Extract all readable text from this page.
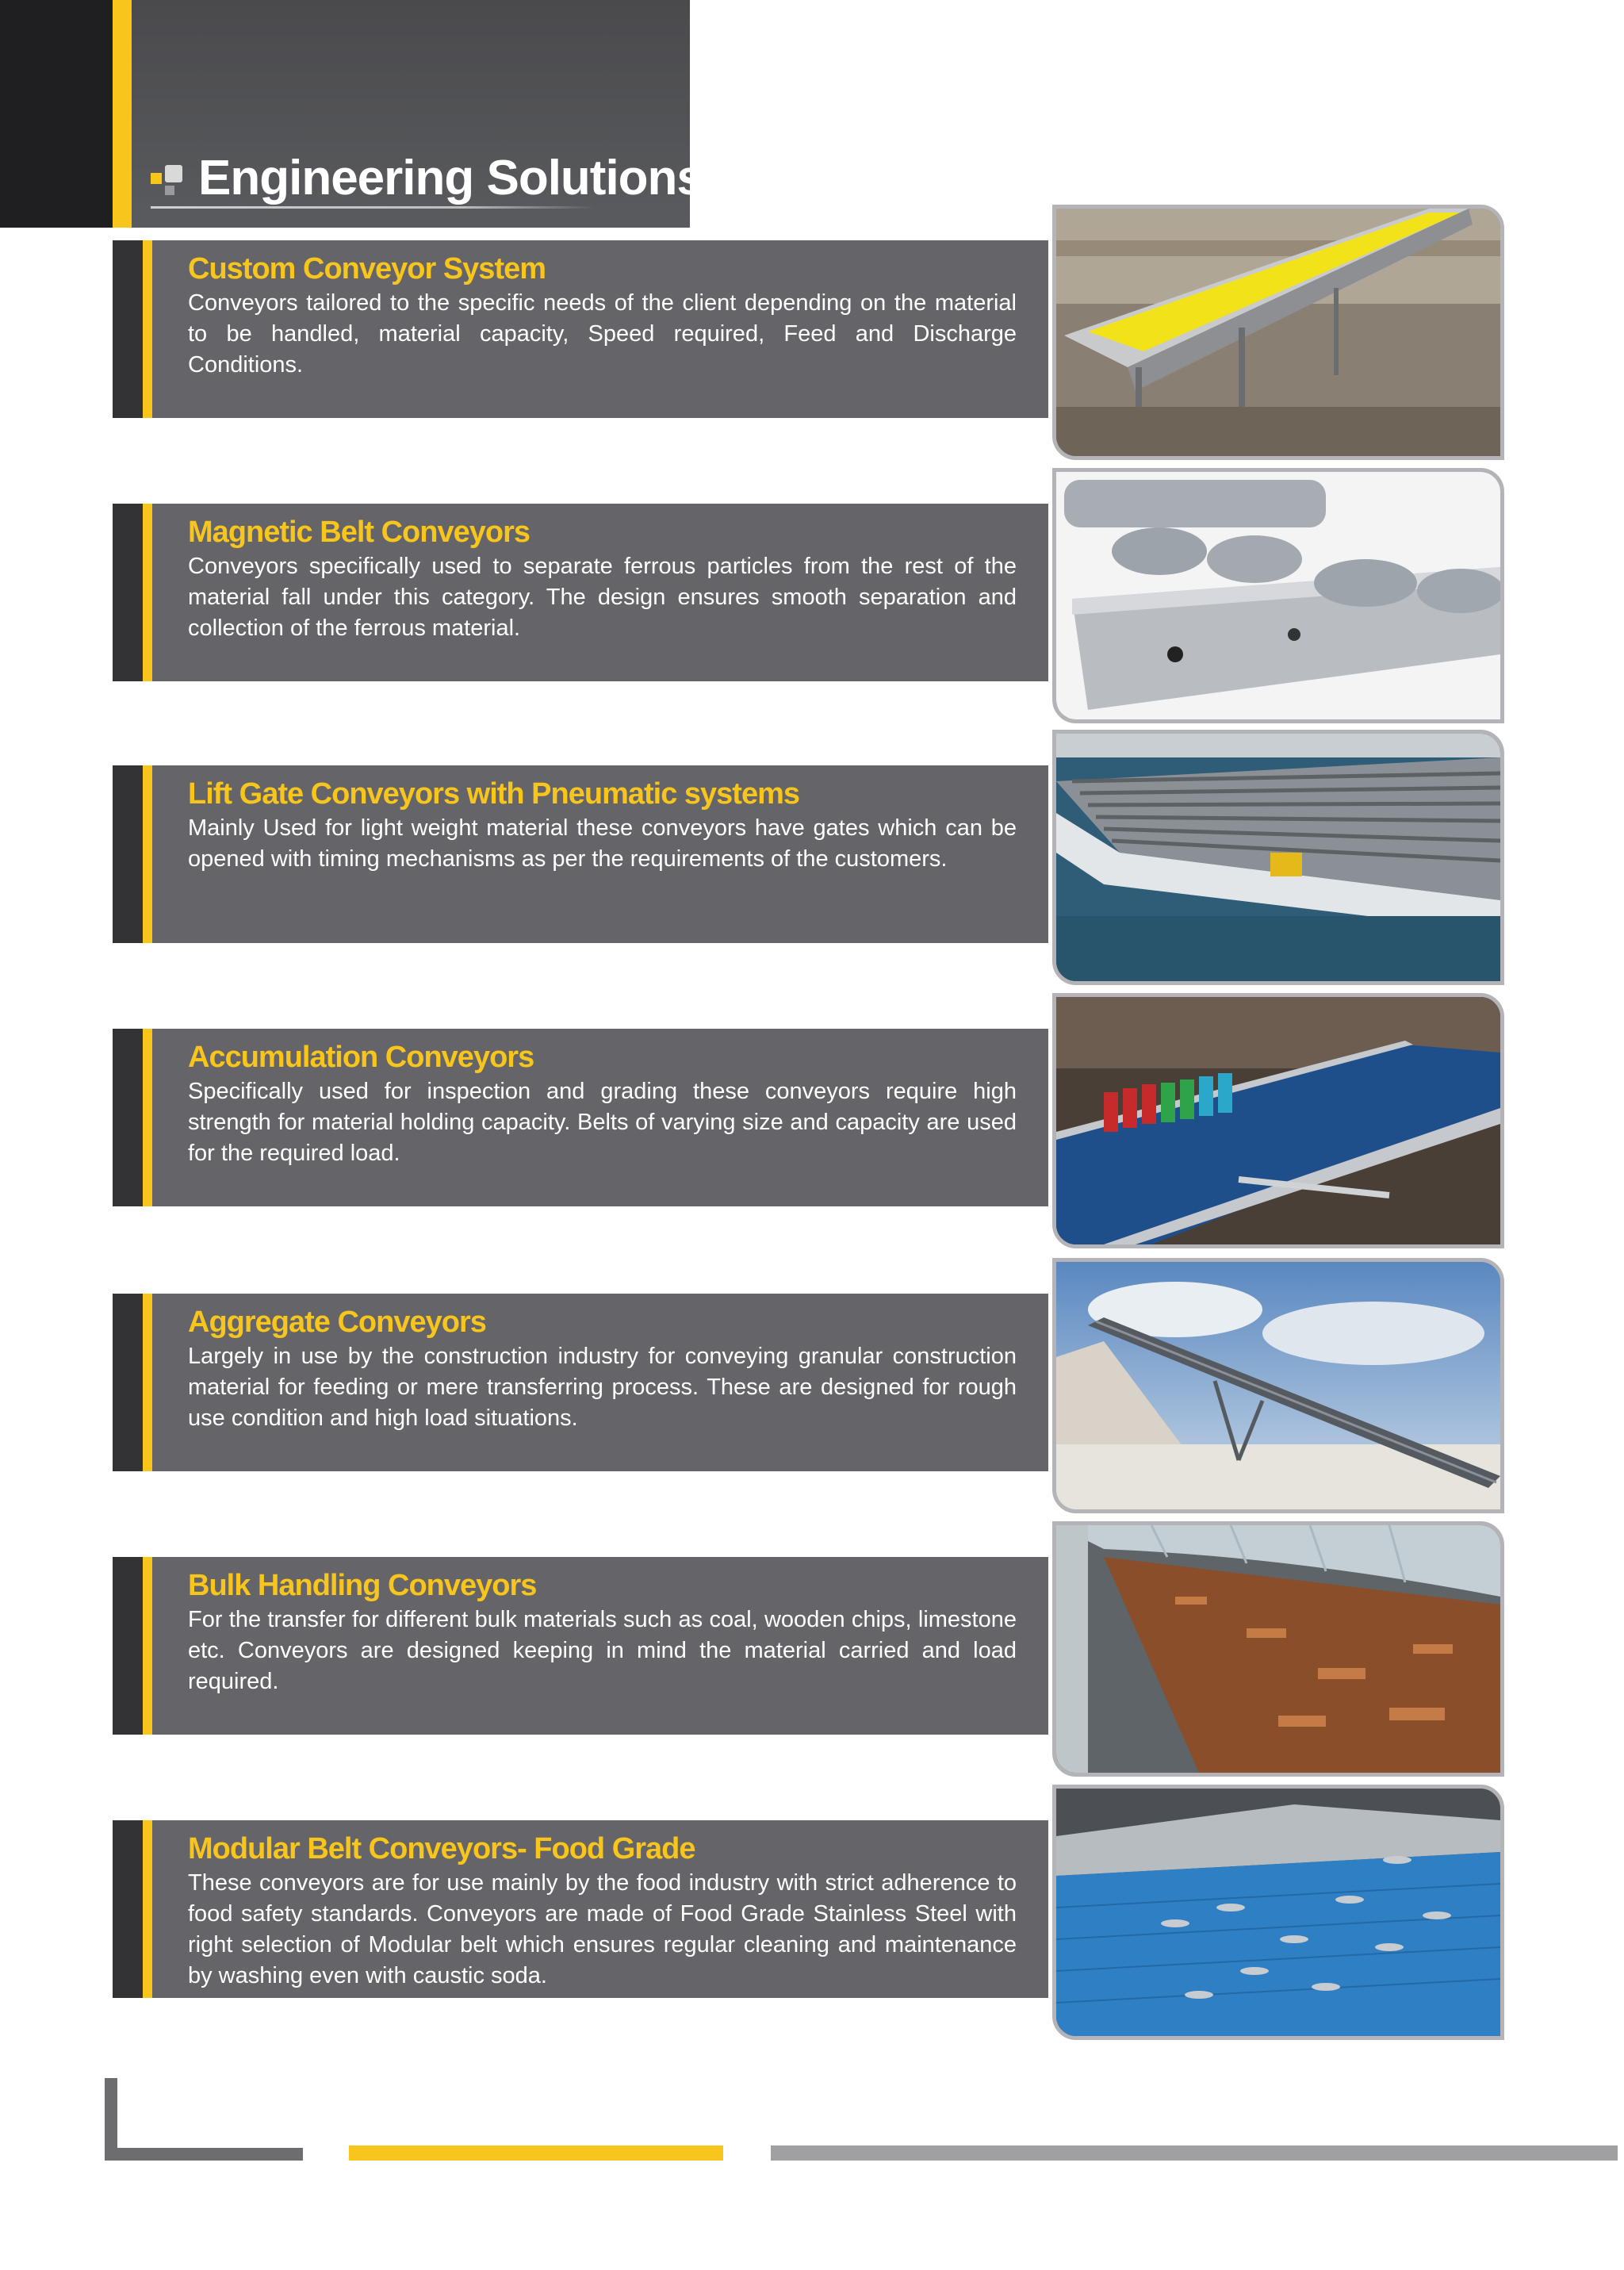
Engineering Solutions
Custom Conveyor System
Conveyors tailored to the specific needs of the client depending on the material to be handled, material capacity, Speed required, Feed and Discharge Conditions.
Magnetic Belt Conveyors
Conveyors specifically used to separate ferrous particles from the rest of the material fall under this category. The design ensures smooth separation and collection of the ferrous material.
Lift Gate Conveyors with Pneumatic systems
Mainly Used for light weight material these conveyors have gates which can be opened with timing mechanisms as per the requirements of the customers.
Accumulation Conveyors
Specifically used for inspection and grading these conveyors require high strength for material holding capacity. Belts of varying size and capacity are used for the required load.
Aggregate Conveyors
Largely in use by the construction industry for conveying granular construction material for feeding or mere transferring process. These are designed for rough use condition and high load situations.
Bulk Handling Conveyors
For the transfer for different bulk materials such as coal, wooden chips, limestone etc. Conveyors are designed keeping in mind the material carried and load required.
Modular Belt Conveyors- Food Grade
These conveyors are for use mainly by the food industry with strict adherence to food safety standards. Conveyors are made of Food Grade Stainless Steel with right selection of Modular belt which ensures regular cleaning and maintenance by washing even with caustic soda.
